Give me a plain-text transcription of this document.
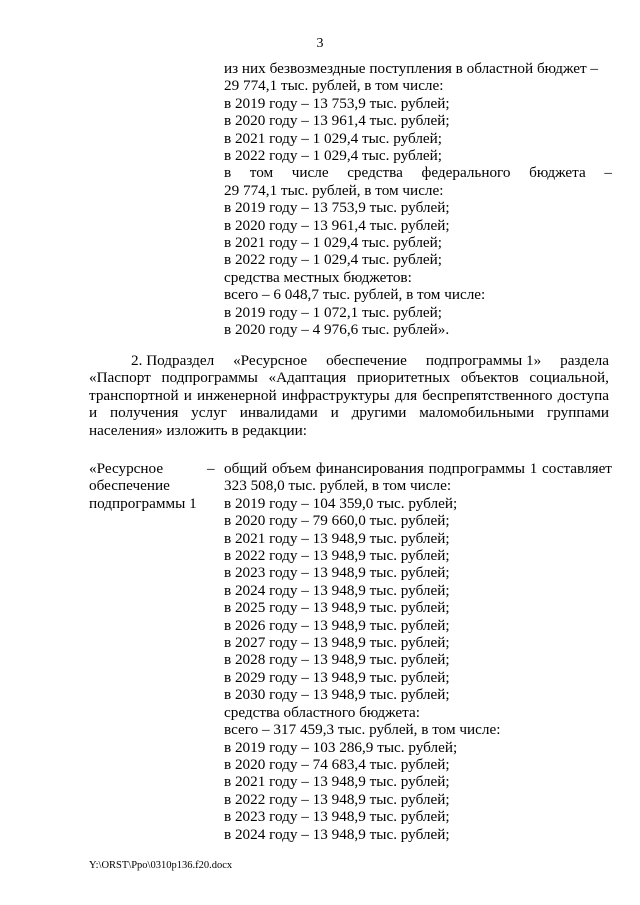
3
из них безвозмездные поступления в областной бюджет –
29 774,1 тыс. рублей, в том числе:
в 2019 году – 13 753,9 тыс. рублей;
в 2020 году – 13 961,4 тыс. рублей;
в 2021 году – 1 029,4 тыс. рублей;
в 2022 году – 1 029,4 тыс. рублей;
в том числе средства федерального бюджета –
29 774,1 тыс. рублей, в том числе:
в 2019 году – 13 753,9 тыс. рублей;
в 2020 году – 13 961,4 тыс. рублей;
в 2021 году – 1 029,4 тыс. рублей;
в 2022 году – 1 029,4 тыс. рублей;
средства местных бюджетов:
всего – 6 048,7 тыс. рублей, в том числе:
в 2019 году – 1 072,1 тыс. рублей;
в 2020 году – 4 976,6 тыс. рублей».
2. Подраздел «Ресурсное обеспечение подпрограммы 1» раздела
«Паспорт подпрограммы «Адаптация приоритетных объектов социальной,
транспортной и инженерной инфраструктуры для беспрепятственного доступа
и получения услуг инвалидами и другими маломобильными группами
населения» изложить в редакции:
«Ресурсное
обеспечение
подпрограммы 1
– общий объем финансирования подпрограммы 1 составляет
323 508,0 тыс. рублей, в том числе:
в 2019 году – 104 359,0 тыс. рублей;
в 2020 году – 79 660,0 тыс. рублей;
в 2021 году – 13 948,9 тыс. рублей;
в 2022 году – 13 948,9 тыс. рублей;
в 2023 году – 13 948,9 тыс. рублей;
в 2024 году – 13 948,9 тыс. рублей;
в 2025 году – 13 948,9 тыс. рублей;
в 2026 году – 13 948,9 тыс. рублей;
в 2027 году – 13 948,9 тыс. рублей;
в 2028 году – 13 948,9 тыс. рублей;
в 2029 году – 13 948,9 тыс. рублей;
в 2030 году – 13 948,9 тыс. рублей;
средства областного бюджета:
всего – 317 459,3 тыс. рублей, в том числе:
в 2019 году – 103 286,9 тыс. рублей;
в 2020 году – 74 683,4 тыс. рублей;
в 2021 году – 13 948,9 тыс. рублей;
в 2022 году – 13 948,9 тыс. рублей;
в 2023 году – 13 948,9 тыс. рублей;
в 2024 году – 13 948,9 тыс. рублей;
Y:\ORST\Ppo\0310p136.f20.docx
